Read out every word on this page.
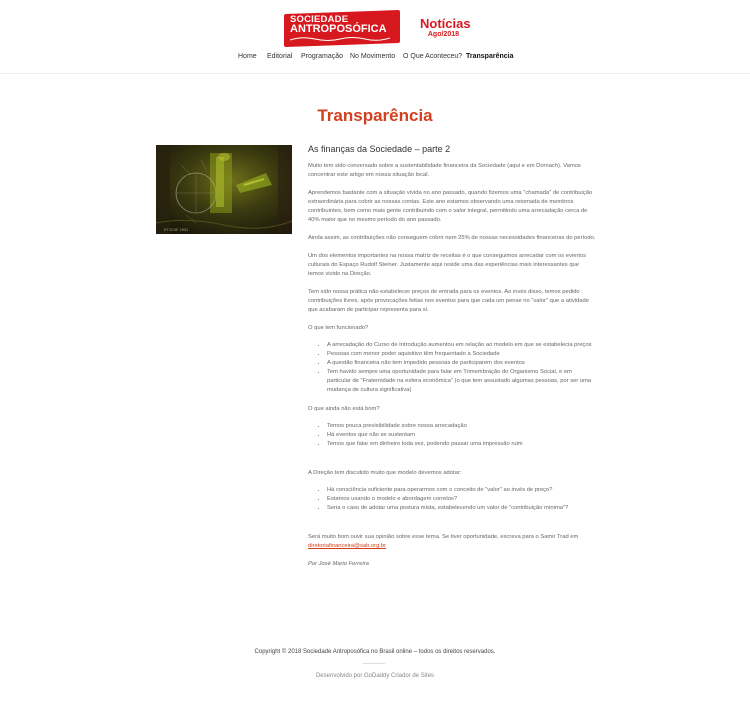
SOCIEDADE
ANTROPOSÓFICA	Notícias
Ago/2018
Home Editorial Programação No Movimento O Que Aconteceu? Transparência
Transparência
07 DOE 1931
As finanças da Sociedade – parte 2

Muito tem sido conversado sobre a sustentabilidade financeira da Sociedade (aqui e em Dornach). Vamos concentrar este artigo em nossa situação local.

Aprendemos bastante com a situação vivida no ano passado, quando fizemos uma "chamada" de contribuição extraordinária para cobrir as nossas contas. Este ano estamos observando uma retomada de membros contribuintes, bem como mais gente contribuindo com o valor integral, permitindo uma arrecadação cerca de 40% maior que no mesmo período do ano passado.

Ainda assim, as contribuições não conseguem cobrir nem 25% de nossas necessidades financeiras do período.

Um dos elementos importantes na nossa matriz de receitas é o que conseguimos arrecadar com os eventos culturais do Espaço Rudolf Steiner. Justamente aqui reside uma das experiências mais interessantes que temos vivido na Direção.

Tem sido nossa prática não estabelecer preços de entrada para os eventos. Ao invés disso, temos pedido contribuições livres, após provocações feitas nos eventos para que cada um pense no "valor" que a atividade que acabaram de participar representa para si.

O que tem funcionado?

• A arrecadação do Curso de Introdução aumentou em relação ao modelo em que se estabelecia preços
• Pessoas com menor poder aquisitivo têm frequentado a Sociedade
• A questão financeira não tem impedido pessoas de participarem dos eventos
• Tem havido sempre uma oportunidade para falar em Trimembração do Organismo Social, e em particular de "Fraternidade na esfera econômica" (o que tem assustado algumas pessoas, por ser uma mudança de cultura significativa)

O que ainda não está bom?

• Temos pouca previsibilidade sobre nossa arrecadação
• Há eventos que não se sustentam
• Temos que falar em dinheiro toda vez, podendo passar uma impressão ruim

A Direção tem discutido muito que modelo devemos adotar:

• Há consciência suficiente para operarmos com o conceito de "valor" ao invés de preço?
• Estamos usando o modelo e abordagem corretos?
• Seria o caso de adotar uma postura mista, estabelecendo um valor de "contribuição mínima"?

Será muito bom ouvir sua opinião sobre esse tema. Se tiver oportunidade, escreva para o Samir Trad em diretoriafinanceira@sab.org.br

Por José Mario Ferreira

Copyright © 2018 Sociedade Antroposófica no Brasil online – todos os direitos reservados.
Desenvolvido por GoDaddy Criador de Sites
